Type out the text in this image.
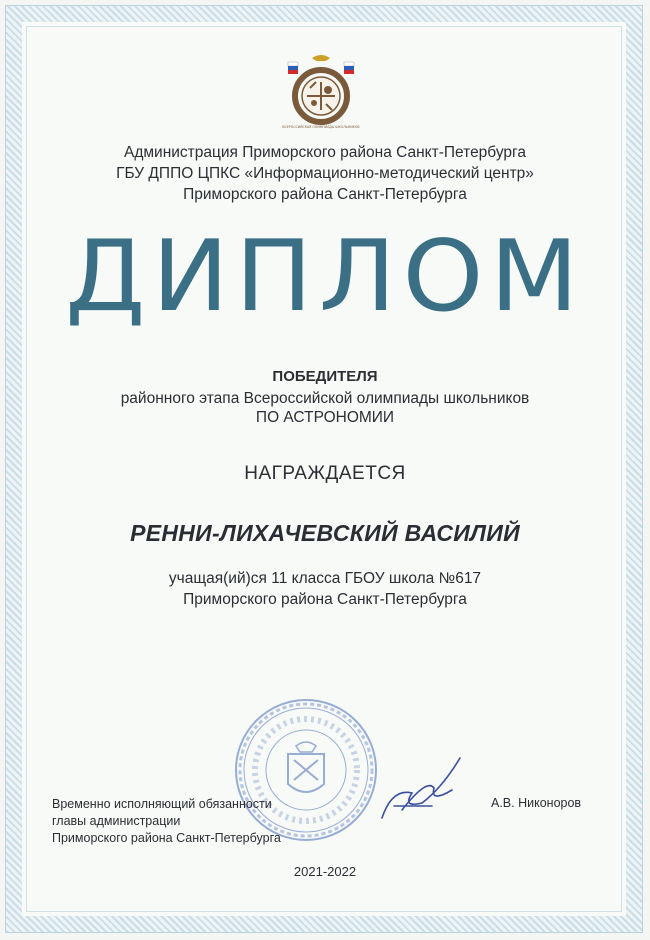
ВСЕРОССИЙСКАЯ ОЛИМПИАДА ШКОЛЬНИКОВ
Администрация Приморского района Санкт-Петербурга
ГБУ ДППО ЦПКС «Информационно-методический центр»
Приморского района Санкт-Петербурга
ДИПЛОМ
ПОБЕДИТЕЛЯ
районного этапа Всероссийской олимпиады школьников
ПО АСТРОНОМИИ
НАГРАЖДАЕТСЯ
РЕННИ-ЛИХАЧЕВСКИЙ ВАСИЛИЙ
учащая(ий)ся 11 класса ГБОУ школа №617
Приморского района Санкт-Петербурга
Временно исполняющий обязанности
главы администрации
Приморского района Санкт-Петербурга
А.В. Никоноров
2021-2022
